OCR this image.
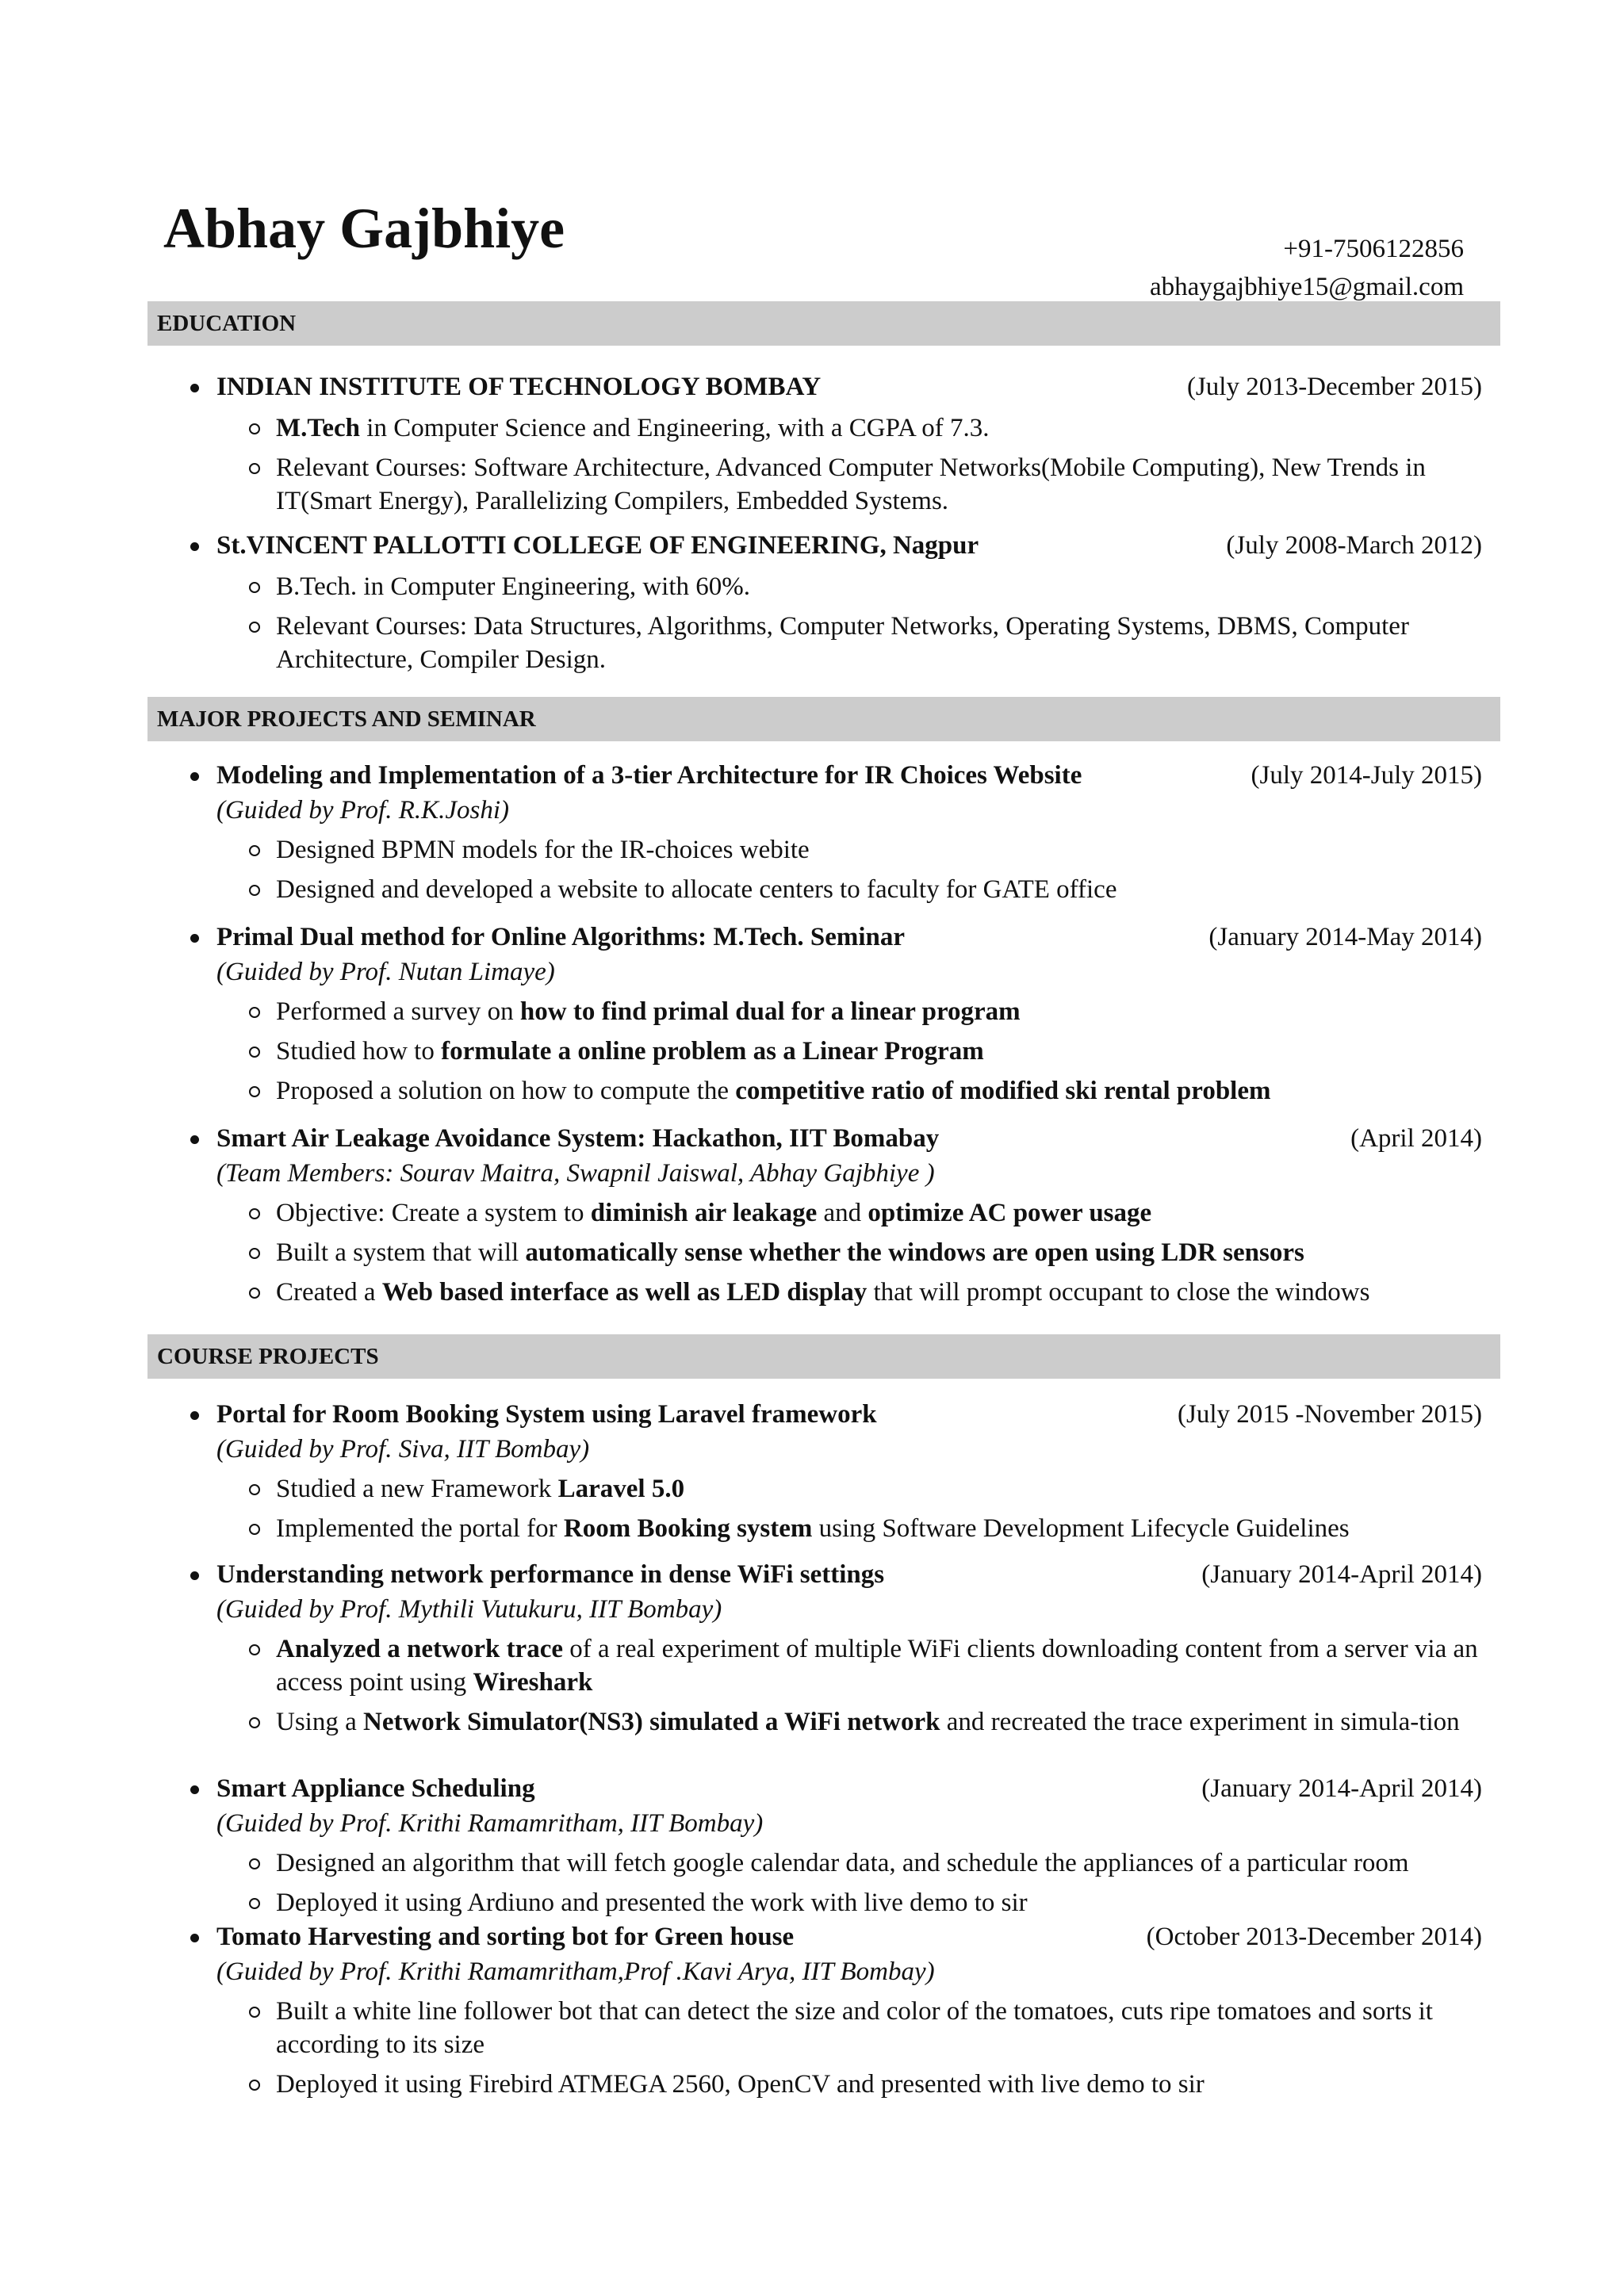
Abhay Gajbhiye	+91-7506122856
abhaygajbhiye15@gmail.com
EDUCATION
INDIAN INSTITUTE OF TECHNOLOGY BOMBAY	(July 2013-December 2015)
M.Tech in Computer Science and Engineering, with a CGPA of 7.3.
Relevant Courses: Software Architecture, Advanced Computer Networks(Mobile Computing), New Trends in IT(Smart Energy), Parallelizing Compilers, Embedded Systems.
St.VINCENT PALLOTTI COLLEGE OF ENGINEERING, Nagpur	(July 2008-March 2012)
B.Tech. in Computer Engineering, with 60%.
Relevant Courses: Data Structures, Algorithms, Computer Networks, Operating Systems, DBMS, Computer Architecture, Compiler Design.
MAJOR PROJECTS AND SEMINAR
Modeling and Implementation of a 3-tier Architecture for IR Choices Website	(July 2014-July 2015)
(Guided by Prof. R.K.Joshi)
Designed BPMN models for the IR-choices webite
Designed and developed a website to allocate centers to faculty for GATE office
Primal Dual method for Online Algorithms: M.Tech. Seminar	(January 2014-May 2014)
(Guided by Prof. Nutan Limaye)
Performed a survey on how to find primal dual for a linear program
Studied how to formulate a online problem as a Linear Program
Proposed a solution on how to compute the competitive ratio of modified ski rental problem
Smart Air Leakage Avoidance System: Hackathon, IIT Bomabay	(April 2014)
(Team Members: Sourav Maitra, Swapnil Jaiswal, Abhay Gajbhiye )
Objective: Create a system to diminish air leakage and optimize AC power usage
Built a system that will automatically sense whether the windows are open using LDR sensors
Created a Web based interface as well as LED display that will prompt occupant to close the windows
COURSE PROJECTS
Portal for Room Booking System using Laravel framework	(July 2015 -November 2015)
(Guided by Prof. Siva, IIT Bombay)
Studied a new Framework Laravel 5.0
Implemented the portal for Room Booking system using Software Development Lifecycle Guidelines
Understanding network performance in dense WiFi settings	(January 2014-April 2014)
(Guided by Prof. Mythili Vutukuru, IIT Bombay)
Analyzed a network trace of a real experiment of multiple WiFi clients downloading content from a server via an access point using Wireshark
Using a Network Simulator(NS3) simulated a WiFi network and recreated the trace experiment in simula-tion
Smart Appliance Scheduling	(January 2014-April 2014)
(Guided by Prof. Krithi Ramamritham, IIT Bombay)
Designed an algorithm that will fetch google calendar data, and schedule the appliances of a particular room
Deployed it using Ardiuno and presented the work with live demo to sir
Tomato Harvesting and sorting bot for Green house	(October 2013-December 2014)
(Guided by Prof. Krithi Ramamritham,Prof .Kavi Arya, IIT Bombay)
Built a white line follower bot that can detect the size and color of the tomatoes, cuts ripe tomatoes and sorts it according to its size
Deployed it using Firebird ATMEGA 2560, OpenCV and presented with live demo to sir
